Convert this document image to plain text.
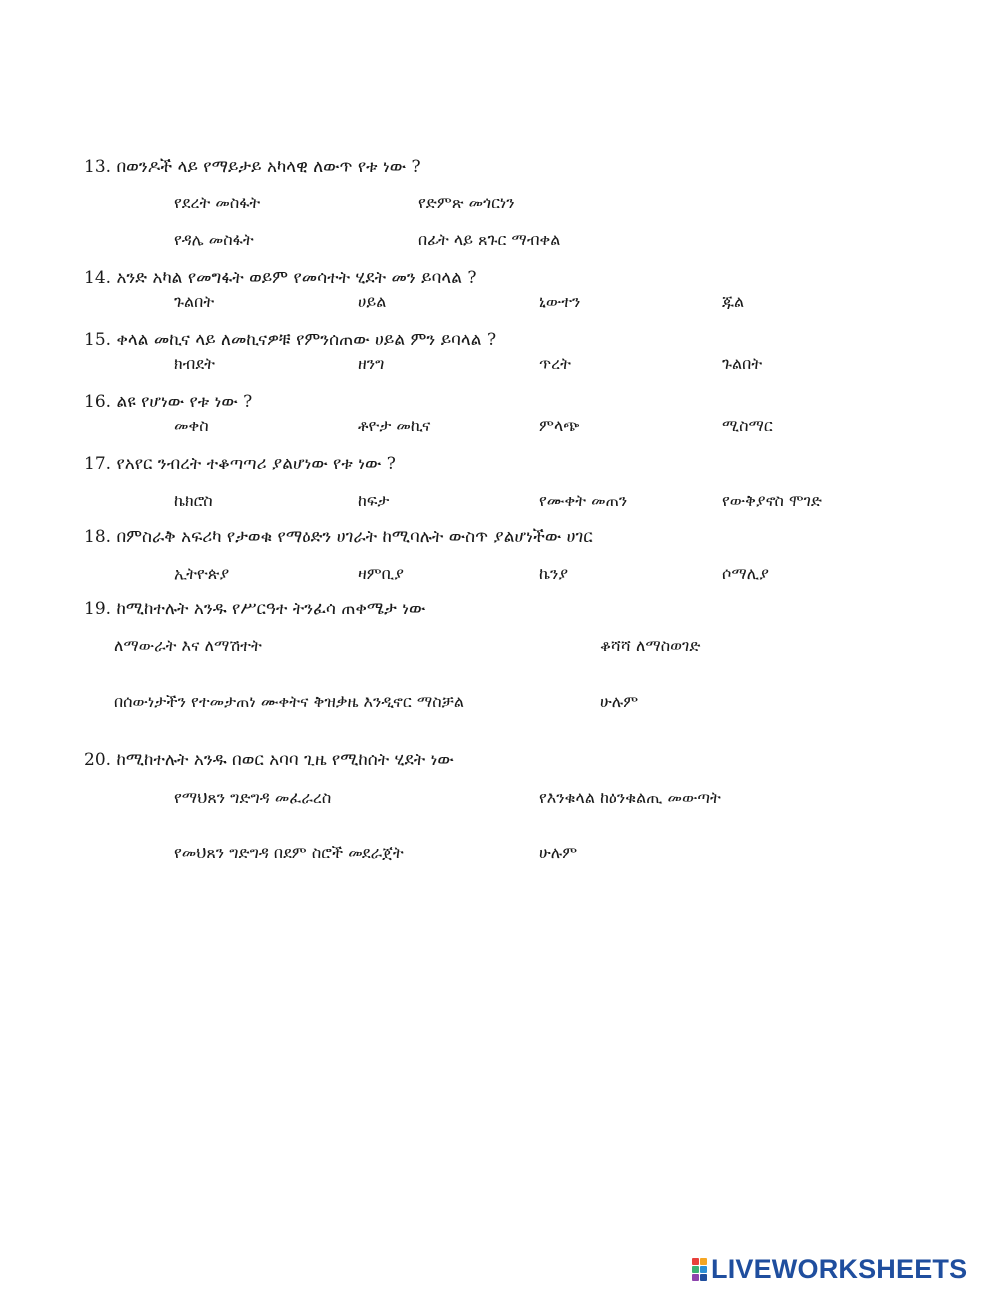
13. በወንዶች ላይ የማይታይ አካላዊ ለውጥ የቱ ነው ?
የደረት መስፋት	የድምጽ መጎርነን
የዳሌ መስፋት	በፊት ላይ ጸጉር ማብቀል
14. አንድ አካል የመግፋት ወይም የመሳተት ሂደት መን ይባላል ?
ጉልበት	ሀይል	ኒውተን	ጁል
15. ቀላል መኪና ላይ ለመኪናዎቹ የምንሰጠው ሀይል ምን ይባላል ?
ክብደት	ዘንግ	ጥረት	ጉልበት
16. ልዩ የሆነው የቱ ነው ?
መቀስ	ቶዮታ መኪና	ምላጭ	ሚስማር
17. የአየር ንብረት ተቆጣጣሪ ያልሆነው የቱ ነው ?
ኬክሮስ	ከፍታ	የሙቀት መጠን	የውቅያኖስ ሞገድ
18. በምስራቅ አፍሪካ የታወቁ የማዕድን ሀገራት ከሚባሉት ውስጥ ያልሆነችው ሀገር
ኢትዮጵያ	ዛምቢያ	ኬንያ	ሶማሊያ
19. ከሚከተሉት አንዱ የሥርዓተ ትንፈሳ ጠቀሜታ ነው
ለማውራት እና ለማሽተት	ቆሻሻ ለማስወገድ
በሰውነታችን የተመታጠነ ሙቀትና ቅዝቃዜ እንዲኖር ማስቻል	ሁሉም
20. ከሚከተሉት አንዱ በወር አባባ ጊዜ የሚከሰት ሂደት ነው
የማህጸን ግድግዳ መፈራረስ	የእንቁላል ከዕንቁልጢ መውጣት
የመህጸን ግድግዳ በደም ስሮች መደራጀት	ሁሉም
LIVEWORKSHEETS
